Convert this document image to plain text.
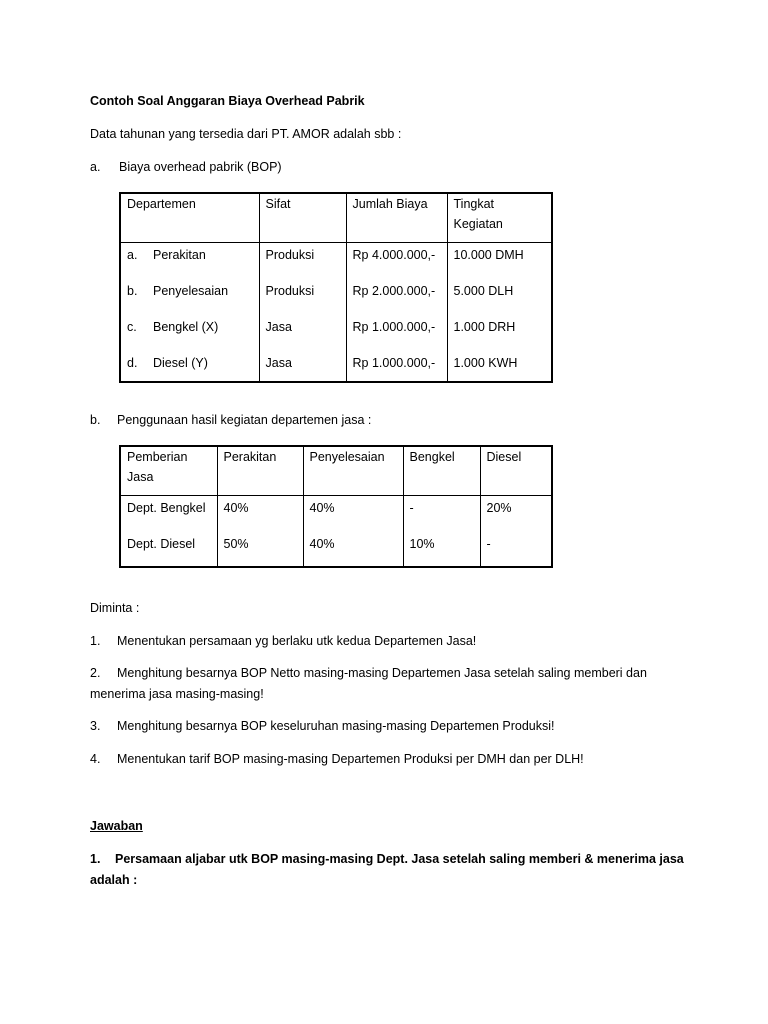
Contoh Soal Anggaran Biaya Overhead Pabrik
Data tahunan yang tersedia dari PT. AMOR adalah sbb :
a. Biaya overhead pabrik (BOP)
Departemen	Sifat	Jumlah Biaya	Tingkat Kegiatan
a. Perakitan	Produksi	Rp 4.000.000,-	10.000 DMH
b. Penyelesaian	Produksi	Rp 2.000.000,-	5.000 DLH
c. Bengkel (X)	Jasa	Rp 1.000.000,-	1.000 DRH
d. Diesel (Y)	Jasa	Rp 1.000.000,-	1.000 KWH
b. Penggunaan hasil kegiatan departemen jasa :
Pemberian Jasa	Perakitan	Penyelesaian	Bengkel	Diesel
Dept. Bengkel	40%	40%	-	20%
Dept. Diesel	50%	40%	10%	-
Diminta :
1. Menentukan persamaan yg berlaku utk kedua Departemen Jasa!
2. Menghitung besarnya BOP Netto masing-masing Departemen Jasa setelah saling memberi dan
menerima jasa masing-masing!
3. Menghitung besarnya BOP keseluruhan masing-masing Departemen Produksi!
4. Menentukan tarif BOP masing-masing Departemen Produksi per DMH dan per DLH!
Jawaban
1. Persamaan aljabar utk BOP masing-masing Dept. Jasa setelah saling memberi & menerima jasa
adalah :
